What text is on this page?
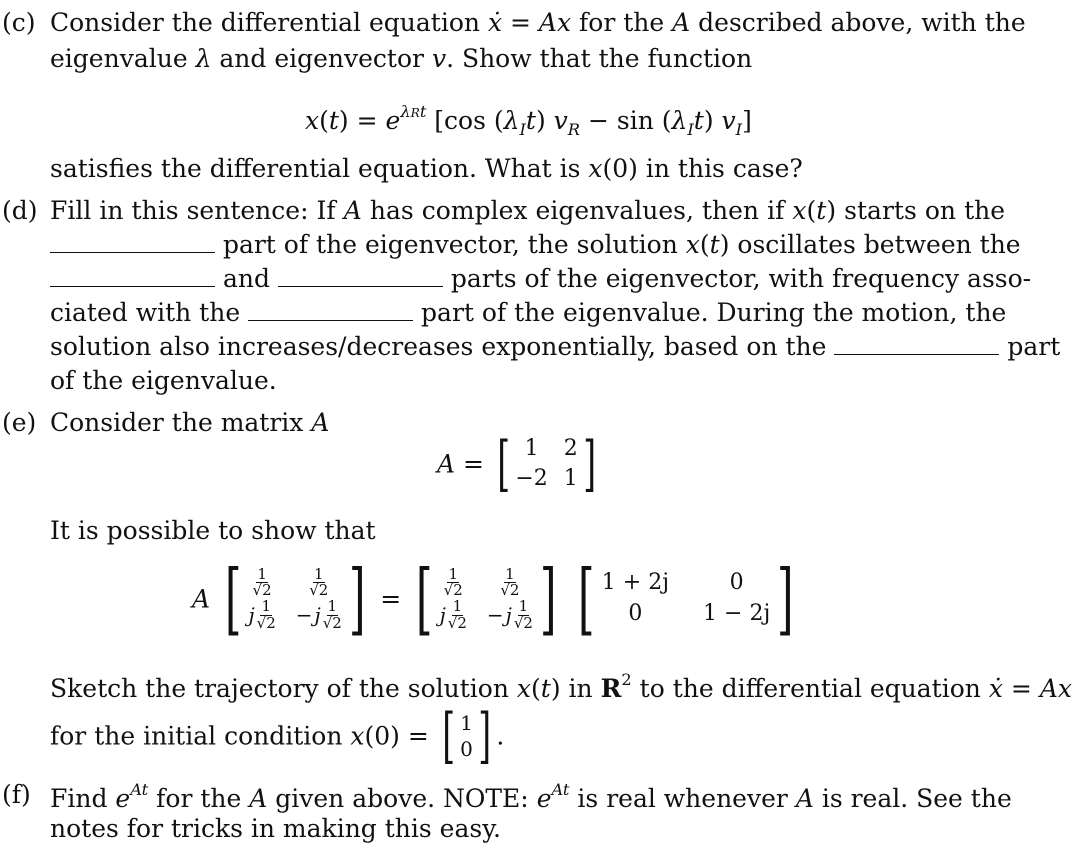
(c) Consider the differential equation ẋ = Ax for the A described above, with the
eigenvalue λ and eigenvector v. Show that the function
$x(t) = e^{\lambda Rt}$ [cos $(\lambda_It) v_R - \sin (\lambda_It)$ $v_I$]
satisfies the differential equation. What is x(0) in this case?
(d) Fill in this sentence: If A has complex eigenvalues, then if x(t) starts on the
part of the eigenvector, the solution x(t) oscillates between the
and	parts of the eigenvector, with frequency asso-
ciated with the	part of the eigenvalue. During the motion, the
solution also increases/decreases exponentially, based on the	part
of the eigenvalue.
(e) Consider the matrix A
A = [ 1	2
−2 1 ]
It is possible to show that
A [ $\frac{1}{√2} \frac{1}{√2}$
j $\frac{1}{√2} - j \frac{1}{√2}$ ] = [ $\frac{1}{√2} \frac{1}{√2}$
j $\frac{1}{√2} - j \frac{1}{√2}$ ]
[ 1 + 2j	0
0	1 − 2j ]
Sketch the trajectory of the solution x(t) in $R^2$ to the differential equation ẋ = Ax
for the initial condition x(0) = [ 1
0 ] .
(f) Find $e^{At}$ for the A given above. NOTE: $e^{At}$ is real whenever A is real. See the
notes for tricks in making this easy.
